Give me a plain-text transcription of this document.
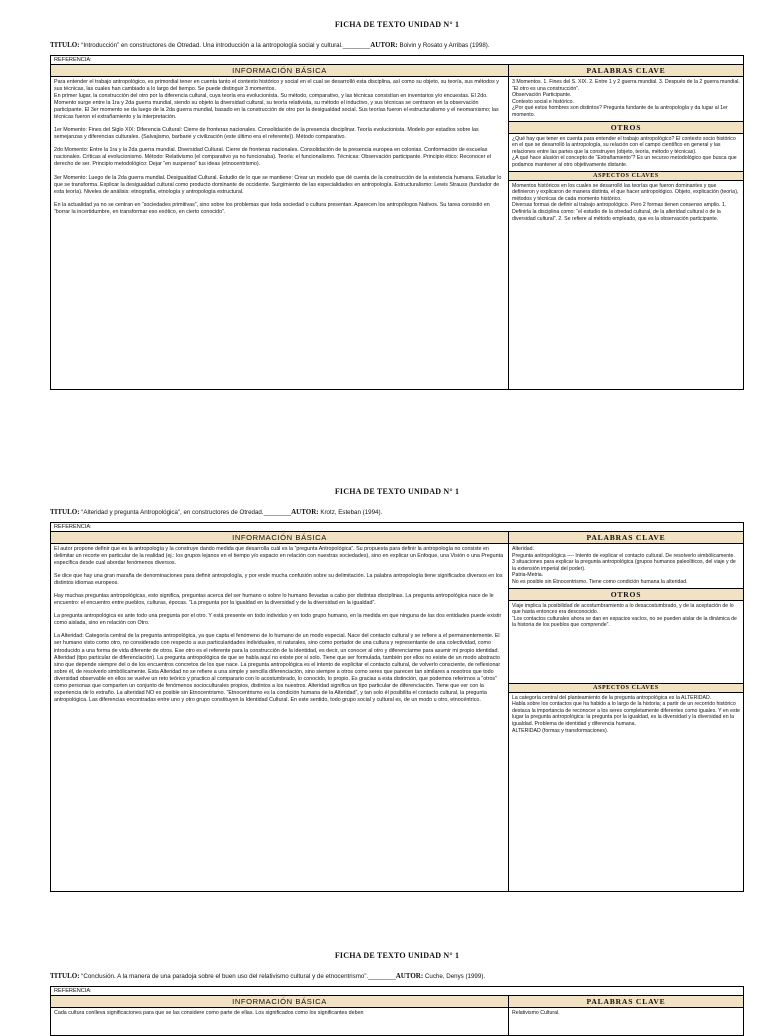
FICHA DE TEXTO UNIDAD N° 1
TITULO: “Introducción” en constructores de Otredad. Una introducción a la antropología social y cultural.________AUTOR: Boivin y Rosato y Arribas (1998).
REFERENCIA:
INFORMACIÓN BÁSICA

Para entender el trabajo antropológico, es primordial tener en cuenta tanto el contexto histórico y social en el cual se desarrolló esta disciplina, así como su objeto, su teoría, sus métodos y sus técnicas, las cuales han cambiado a lo largo del tiempo. Se puede distinguir 3 momentos.
En primer lugar, la construcción del otro por la diferencia cultural, cuya teoría era evolucionista. Su método, comparativo, y las técnicas consistían en inventarios y/o encuestas. El 2do. Momento surge entre la 1ra y 2da guerra mundial, siendo su objeto la diversidad cultural, su teoría relativista, su método el inductivo, y sus técnicas se centraron en la observación participante. El 3er momento se da luego de la 2da guerra mundial, basado en la construcción de otro por la desigualdad social. Sus teorías fueron el estructuralismo y el neomarxismo; las técnicas fueron el extrañamiento y la interpretación.

1er Momento: Fines del Siglo XIX: Diferencia Cultural: Cierre de fronteras nacionales. Consolidación de la presencia disciplinar. Teoría evolucionista. Modelo por estadios sobre las semejanzas y diferencias culturales. (Salvajismo, barbarie y civilización (este último era el referente)). Método comparativo.

2do Momento: Entre la 1ra y la 2da guerra mundial. Diversidad Cultural. Cierre de fronteras nacionales. Consolidación de la presencia europea en colonias. Conformación de escuelas nacionales. Críticas al evolucionismo. Método: Relativismo (el comparativo ya no funcionaba). Teoría: el funcionalismo. Técnicas: Observación participante. Principio ético: Reconocer el derecho de ser. Principio metodológico: Dejar “en suspenso” tus ideas (etnocentrismo).

3er Momento: Luego de la 2da guerra mundial. Desigualdad Cultural. Estudio de lo que se mantiene: Crear un modelo que dé cuenta de la construcción de la existencia humana. Estudiar lo que se transforma. Explicar la desigualdad cultural como producto dominante de occidente. Surgimiento de las especialidades en antropología. Estructuralismo: Lewis Strauss (fundador de esta teoría). Niveles de análisis: etnografía, etnología y antropología estructural.

En la actualidad ya no se centran en “sociedades primitivas”, sino sobre los problemas que toda sociedad o cultura presentan. Aparecen los antropólogos Nativos. Su tarea consistió en “borrar la incertidumbre, en transformar eso exótico, en cierto conocido”.

PALABRAS CLAVE
3 Momentos. 1. Fines del S. XIX. 2. Entre 1 y 2 guerra mundial. 3. Después de la 2 guerra mundial.
“El otro es una construcción”.
Observación Participante.
Contexto social e histórico.
¿Por qué estos hombres son distintos? Pregunta fundante de la antropología y da lugar al 1er momento.
OTROS
¿Qué hay que tener en cuenta para entender el trabajo antropológico? El contexto socio histórico en el que se desarrolló la antropología, su relación con el campo científico en general y las relaciones entre las partes que la construyen (objeto, teoría, método y técnicas).
¿A qué hace alusión el concepto de “Extrañamiento”? Es un recurso metodológico que busca que podamos mantener al otro objetivamente distante.
ASPECTOS CLAVES
Momentos históricos en los cuales se desarrolló las teorías que fueron dominantes y que definieron y explicaron de manera distinta, el que hacer antropológico. Objeto, explicación (teoría), métodos y técnicas de cada momento histórico.
Diversas formas de definir al trabajo antropológico. Pero 2 formas tienen consenso amplio. 1. Definirla la disciplina como: “el estudio de la otredad cultural, de la alteridad cultural o de la diversidad cultural”. 2. Se refiere al método empleado, que es la observación participante.
FICHA DE TEXTO UNIDAD N° 1
TITULO: “Alteridad y pregunta Antropológica”, en constructores de Otredad.________AUTOR: Krotz, Esteban (1994).
REFERENCIA:
INFORMACIÓN BÁSICA

El autor propone definir que es la antropología y la construye dando medida que desarrolla cuál es la “pregunta Antropológica”. Su propuesta para definir la antropología no consiste en delimitar un recorte en particular de la realidad (ej.: los grupos lejanos en el tiempo y/o espacio en relación con nuestras sociedades), sino en explicar un Enfoque, una Visión o una Pregunta específica desde cual abordar fenómenos diversos.

Se dice que hay una gran maraña de denominaciones para definir antropología, y por ende mucha confusión sobre su delimitación. La palabra antropología tiene significados diversos en los distintos idiomas europeos.

Hay muchas preguntas antropológicas, esto significa, preguntas acerca del ser humano o sobre lo humano llevadas a cabo por distintas disciplinas. La pregunta antropológica nace de le encuentro: el encuentro entre pueblos, culturas, épocas. “La pregunta por la igualdad en la diversidad y de la diversidad en la igualdad”.

La pregunta antropológica es ante todo una pregunta por el otro. Y está presente en todo individuo y en todo grupo humano, en la medida en que ninguna de las dos entidades puede existir como aislada, sino en relación con Otro.

La Alteridad: Categoría central de la pregunta antropológica, ya que capta el fenómeno de lo humano de un modo especial. Nace del contacto cultural y se refiere a el permanentemente. El ser humano visto como otro, no considerado con respecto a sus particularidades individuales, ni naturales, sino como portador de una cultura y representante de una colectividad, como introducido a una forma de vida diferente de otros. Ese otro es el referente para la construcción de la identidad, es decir, un conocer al otro y diferenciarme para asumir mi propio identidad. Alteridad (tipo particular de diferenciación). La pregunta antropológica de que se habla aquí no existe por sí solo. Tiene que ser formulada, también por ellos no existe de un modo abstracto sino que depende siempre del o de los encuentros concretos de los que nace. La pregunta antropológica es el intento de explicitar el contacto cultural, de volverlo consciente, de reflexionar sobre él, de resolverlo simbólicamente. Esta Alteridad no se refiere a una simple y sencilla diferenciación, sino siempre a otros como seres que parecen tan similares a nosotros que todo diversidad observable en ellos se vuelve un reto teórico y practico al comparario con lo acostumbrado, lo conocido, lo propio. Es gracias a esta distinción, que podemos referirnos a “otros” como personas que comparten un conjunto de fenómenos socioculturales propios, distintos a los nuestros. Alteridad significa un tipo particular de diferenciación. Tiene que ver con la experiencia de lo extraño. La alteridad NO es posible sin Etnocentrismo. “Etnocentrismo es la condición humana de la Alteridad”, y tan solo él posibilita el contacto cultural, la pregunta antropológica. Las diferencias encontradas entre uno y otro grupo constituyen la Identidad Cultural. En este sentido, todo grupo social y cultural es, de un modo u otro, etnocéntrico.

PALABRAS CLAVE
Alteridad.
Pregunta antropológica ---- Intento de explicar el contacto cultural. De resolverlo simbólicamente.
3 situaciones para explicar la pregunta antropológica (grupos humanos paleolíticos, del viaje y de la extensión imperial del poder).
Patria-Metria.
No es posible sin Etnocentrismo. Tiene como condición humana la alteridad.
OTROS
Viaje implica la posibilidad de acostumbramiento a lo desacostumbrado, y de la aceptación de lo que hasta entonces era desconocido.
“Los contactos culturales ahora se dan en espacios vacíos, no se pueden aislar de la dinámica de la historia de los pueblos que comprende”.
ASPECTOS CLAVES
La categoría central del planteamiento de la pregunta antropológica es la ALTERIDAD.
Habla sobre los contactos que ha habido a lo largo de la historia; a partir de un recorrido histórico destaca la importancia de reconocer a los seres completamente diferentes como iguales. Y en este lugar la pregunta antropológica: la pregunta por la igualdad, es la diversidad y la diversidad en la igualdad. Problema de identidad y diferencia humana.
ALTERIDAD (formas y transformaciones).
FICHA DE TEXTO UNIDAD N° 1
TITULO: “Conclusión. A la manera de una paradoja sobre el buen uso del relativismo cultural y de etnocentrismo”.________AUTOR: Cuche, Denys (1999).
REFERENCIA:
INFORMACIÓN BÁSICA
Cada cultura conlleva significaciones para que se las considere como parte de ellas. Los significados como los significantes deben
PALABRAS CLAVE
Relativismo Cultural.
